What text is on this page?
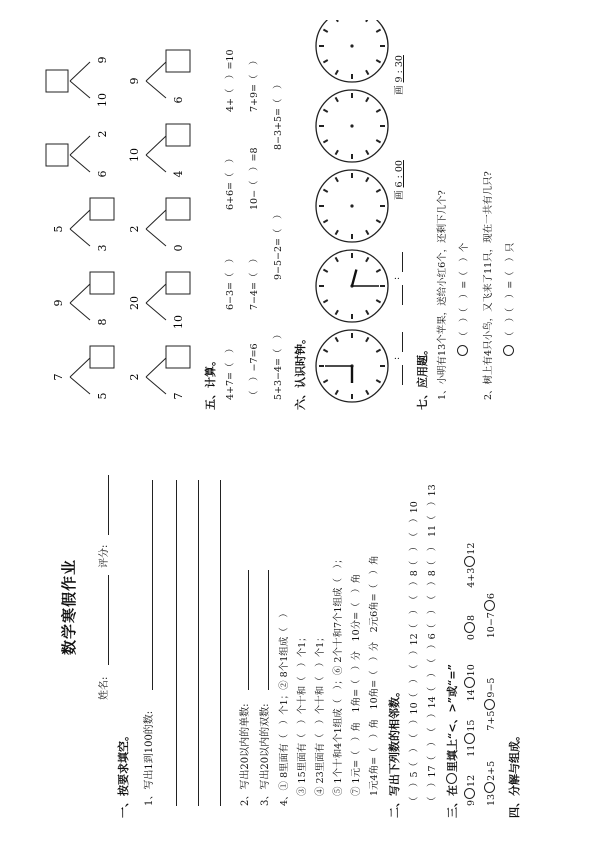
数学寒假作业
姓名:
评分:
一、按要求填空。	1、写出1到100的数:	2、写出20以内的单数: 3、写出20以内的双数: 4、① 8里面有（　）个1；② 8个1组成（　） ③ 15里面有（　）个十和（　）个1； ④ 23里面有（　）个十和（　）个1； ⑤ 1个十和4个1组成（　）；⑥ 2个十和7个1组成（　）； ⑦ 1元=（　）角　1角=（　）分　10分=（　）角 1元4角=（　）角　10角=（　）分　2元6角=（　）角 二、写出下列数的相邻数。 （　）5（　）　（　）10（　）　（　）12（　）　（　）8（　）　（　）10 （　）17（　）　（　）14（　）　（　）6（　）　（　）8（　）　11（　）13 三、在里填上“<、>”或“=”
912      1115      1410        08         4+312
132+5          7+59−5             10−76
四、分解与组成。
7
5
9
8
5
3
6
2
10
9
2
7
20
10
2
0
10
4
9
6
五、计算。 4+7=（　）
6−3=（　）
6+6=（　）
4+（　）=10
（　）−7=6
7−4=（　）
10−（　）=8
7+9=（　）
5+3−4=（　）
9−5−2=（　）
8−3+5=（　）
六、认识时钟。	:
:
画 6 : 00
画 9 : 30
七、应用题。 1、小明有13个苹果，送给小红6个，还剩下几个?	（　）（　）=（　）个	2、树上有4只小鸟，又飞来了11只，现在一共有几只?	（　）（　）=（　）只
